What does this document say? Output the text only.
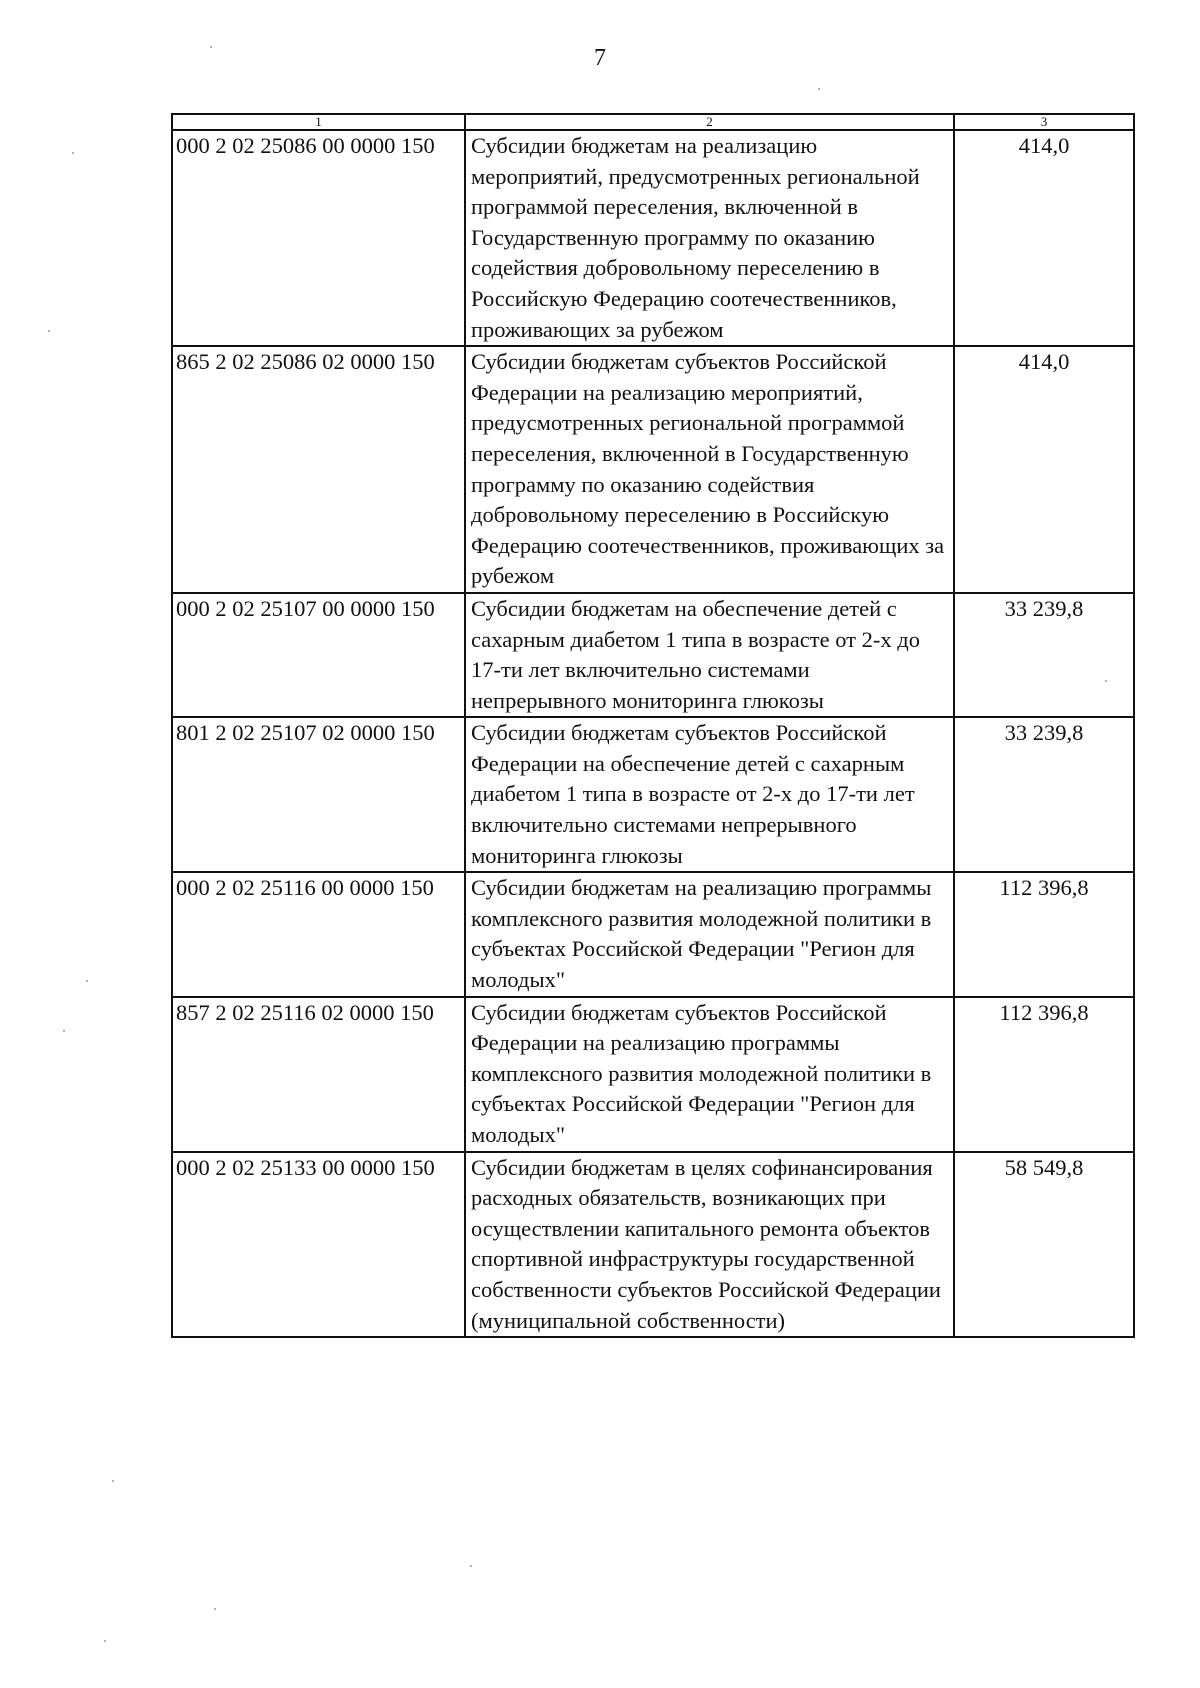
7
1	2	3
000 2 02 25086 00 0000 150	Субсидии бюджетам на реализацию мероприятий, предусмотренных региональной программой переселения, включенной в Государственную программу по оказанию содействия добровольному переселению в Российскую Федерацию соотечественников, проживающих за рубежом	414,0
865 2 02 25086 02 0000 150	Субсидии бюджетам субъектов Российской Федерации на реализацию мероприятий, предусмотренных региональной программой переселения, включенной в Государственную программу по оказанию содействия добровольному переселению в Российскую Федерацию соотечественников, проживающих за рубежом	414,0
000 2 02 25107 00 0000 150	Субсидии бюджетам на обеспечение детей с сахарным диабетом 1 типа в возрасте от 2-х до 17-ти лет включительно системами непрерывного мониторинга глюкозы	33 239,8
801 2 02 25107 02 0000 150	Субсидии бюджетам субъектов Российской Федерации на обеспечение детей с сахарным диабетом 1 типа в возрасте от 2-х до 17-ти лет включительно системами непрерывного мониторинга глюкозы	33 239,8
000 2 02 25116 00 0000 150	Субсидии бюджетам на реализацию программы комплексного развития молодежной политики в субъектах Российской Федерации "Регион для молодых"	112 396,8
857 2 02 25116 02 0000 150	Субсидии бюджетам субъектов Российской Федерации на реализацию программы комплексного развития молодежной политики в субъектах Российской Федерации "Регион для молодых"	112 396,8
000 2 02 25133 00 0000 150	Субсидии бюджетам в целях софинансирования расходных обязательств, возникающих при осуществлении капитального ремонта объектов спортивной инфраструктуры государственной собственности субъектов Российской Федерации (муниципальной собственности)	58 549,8
